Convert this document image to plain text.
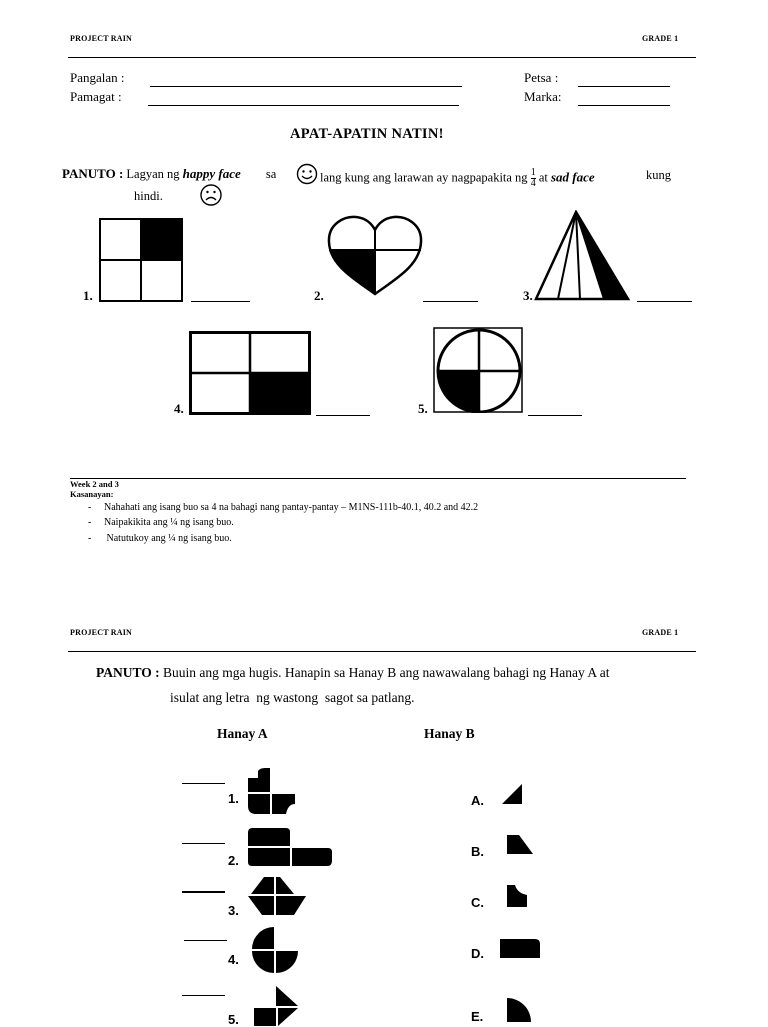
PROJECT RAIN	GRADE 1
Pangalan :
Pamagat :
Petsa :
Marka:
APAT-APATIN NATIN!
PANUTO : Lagyan ng happy face sa	lang kung ang larawan ay nagpapakita ng $\frac{1}{4}$ at sad face	kung
hindi.
1.	2.	3.
4.	5.
Week 2 and 3
Kasanayan:
- Nahahati ang isang buo sa 4 na bahagi nang pantay-pantay – M1NS-111b-40.1, 40.2 and 42.2
- Naipakikita ang ¼ ng isang buo.
- Natutukoy ang ¼ ng isang buo.
PROJECT RAIN	GRADE 1
PANUTO : Buuin ang mga hugis. Hanapin sa Hanay B ang nawawalang bahagi ng Hanay A at
isulat ang letra  ng wastong  sagot sa patlang.
Hanay A	Hanay B
1.
2.
3.
4.
5.
A.
B.
C.
D.
E.
